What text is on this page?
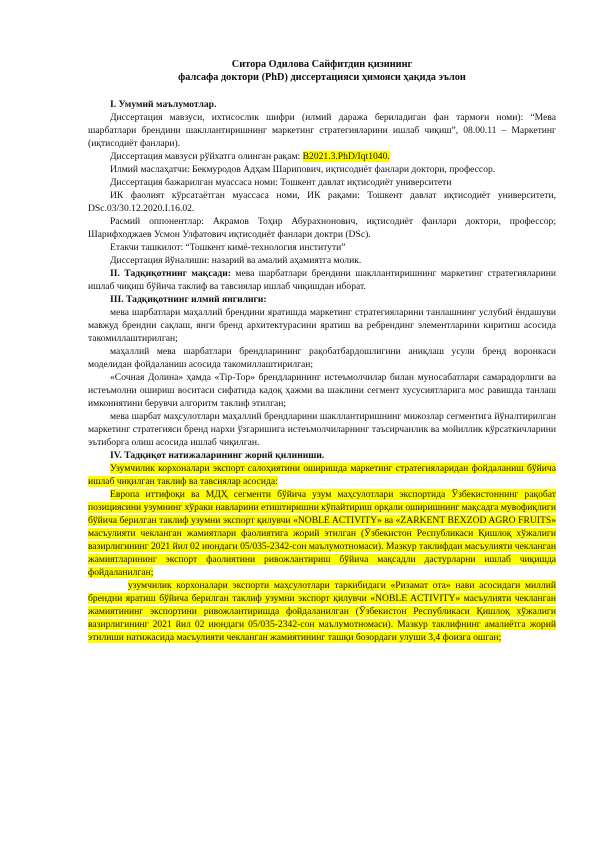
Ситора Одилова Сайфитдин қизининг
фалсафа доктори (PhD) диссертацияси ҳимояси ҳақида эълон

I. Умумий маълумотлар.

Диссертация мавзуси, ихтисослик шифри (илмий даража бериладиган фан тармоғи номи): “Мева шарбатлари брендини шакллантиришнинг маркетинг стратегияларини ишлаб чиқиш”, 08.00.11 – Маркетинг (иқтисодиёт фанлари).

Диссертация мавзуси рўйхатга олинган рақам: B2021.3.PhD/Iqt1040.

Илмий маслаҳатчи: Бекмуродов Адҳам Шарипович, иқтисодиёт фанлари доктори, профессор.

Диссертация бажарилган муассаса номи: Тошкент давлат иқтисодиёт университети

ИК фаолият кўрсатаётган муассаса номи, ИК рақами: Тошкент давлат иқтисодиёт университети, DSc.03/30.12.2020.I.16.02.

Расмий оппонентлар: Акрамов Тоҳир Абурахнонович, иқтисодиёт фанлари доктори, профессор; Шарифходжаев Усмон Улфатович иқтисодиёт фанлари доктри (DSc).

Етакчи ташкилот: “Тошкент кимё-технология институти”

Диссертация йўналиши: назарий ва амалий аҳамиятга молик.

II. Тадқиқотнинг мақсади: мева шарбатлари брендини шакллантиришнинг маркетинг стратегияларини ишлаб чиқиш бўйича таклиф ва тавсиялар ишлаб чиқишдан иборат.

III. Тадқиқотнинг илмий янгилиги:

мева шарбатлари маҳаллий брендини яратишда маркетинг стратегияларини танлашнинг услубий ёндашуви мавжуд брендни сақлаш, янги бренд архитектурасини яратиш ва ребрендинг элементларини киритиш асосида такомиллаштирилган;

маҳаллий мева шарбатлари брендларининг рақобатбардошлигини аниқлаш усули бренд воронкаси моделидан фойдаланиш асосида такомиллаштирилган;

«Сочная Долина» ҳамда «Tip-Top» брендларининг истеъмолчилар билан муносабатлари самарадорлиги ва истеъмолни ошириш воситаси сифатида кадоқ ҳажми ва шаклини сегмент хусусиятларига мос равишда танлаш имкониятини берувчи алгоритм таклиф этилган;

мева шарбат маҳсулотлари маҳаллий брендларини шакллантиришнинг мижозлар сегментига йўналтирилган маркетинг стратегияси бренд нархи ўзгаришига истеъмолчиларнинг таъсирчанлик ва мойиллик кўрсаткичларини эътиборга олиш асосида ишлаб чиқилган.

IV. Тадқиқот натижаларининг жорий қилиниши.

Узумчилик корхоналари экспорт салоҳиятини оширишда маркетинг стратегияларидан фойдаланиш бўйича ишлаб чиқилган таклиф ва тавсиялар асосида:

Европа иттифоқи ва МДҲ сегменти бўйича узум маҳсулотлари экспортида Ўзбекистоннинг рақобат позициясини узумнинг хўраки навларини етиштиришни кўпайтириш орқали оширишнинг мақсадга мувофиқлиги бўйича берилган таклиф узумни экспорт қилувчи «NOBLE ACTIVITY» ва «ZARKENT BEXZOD AGRO FRUITS» масъулияти чекланган жамиятлари фаолиятига жорий этилган (Ўзбекистон Республикаси Қишлоқ хўжалиги вазирлигининг 2021 йил 02 июндаги 05/035-2342-сон маълумотномаси). Мазкур таклифдан масъулияти чекланган жамиятларининг экспорт фаолиятини ривожлантириш бўйича мақсадли дастурларни ишлаб чиқишда фойдаланилган;

узумчилик корхоналари экспорти маҳсулотлари таркибидаги «Ризамат ота» нави асосидаги миллий брендни яратиш бўйича берилган таклиф узумни экспорт қилувчи «NOBLE ACTIVITY» масъулияти чекланган жамиятининг экспортини ривожлантиришда фойдаланилган (Ўзбекистон Республикаси Қишлоқ хўжалиги вазирлигининг 2021 йил 02 июндаги 05/035-2342-сон маълумотномаси). Мазкур таклифнинг амалиётга жорий этилиши натижасида масъулияти чекланган жамиятининг ташқи бозордаги улуши 3,4 фоизга ошган;
